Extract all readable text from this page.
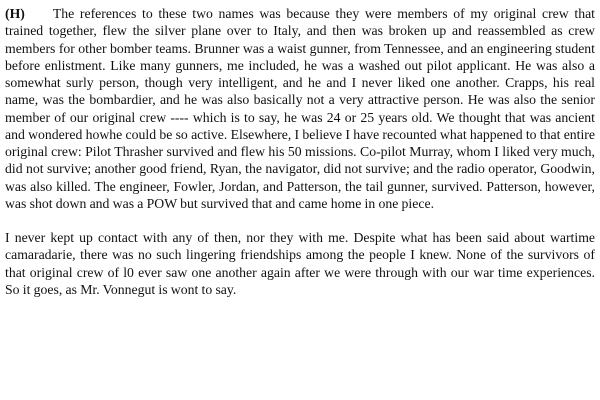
(H) The references to these two names was because they were members of my original crew that trained together, flew the silver plane over to Italy, and then was broken up and reassembled as crew members for other bomber teams. Brunner was a waist gunner, from Tennessee, and an engineering student before enlistment. Like many gunners, me included, he was a washed out pilot applicant. He was also a somewhat surly person, though very intelligent, and he and I never liked one another. Crapps, his real name, was the bombardier, and he was also basically not a very attractive person. He was also the senior member of our original crew ---- which is to say, he was 24 or 25 years old. We thought that was ancient and wondered howhe could be so active. Elsewhere, I believe I have recounted what happened to that entire original crew: Pilot Thrasher survived and flew his 50 missions. Co-pilot Murray, whom I liked very much, did not survive; another good friend, Ryan, the navigator, did not survive; and the radio operator, Goodwin, was also killed. The engineer, Fowler, Jordan, and Patterson, the tail gunner, survived. Patterson, however, was shot down and was a POW but survived that and came home in one piece.

I never kept up contact with any of then, nor they with me. Despite what has been said about wartime camaradarie, there was no such lingering friendships among the people I knew. None of the survivors of that original crew of l0 ever saw one another again after we were through with our war time experiences. So it goes, as Mr. Vonnegut is wont to say.
